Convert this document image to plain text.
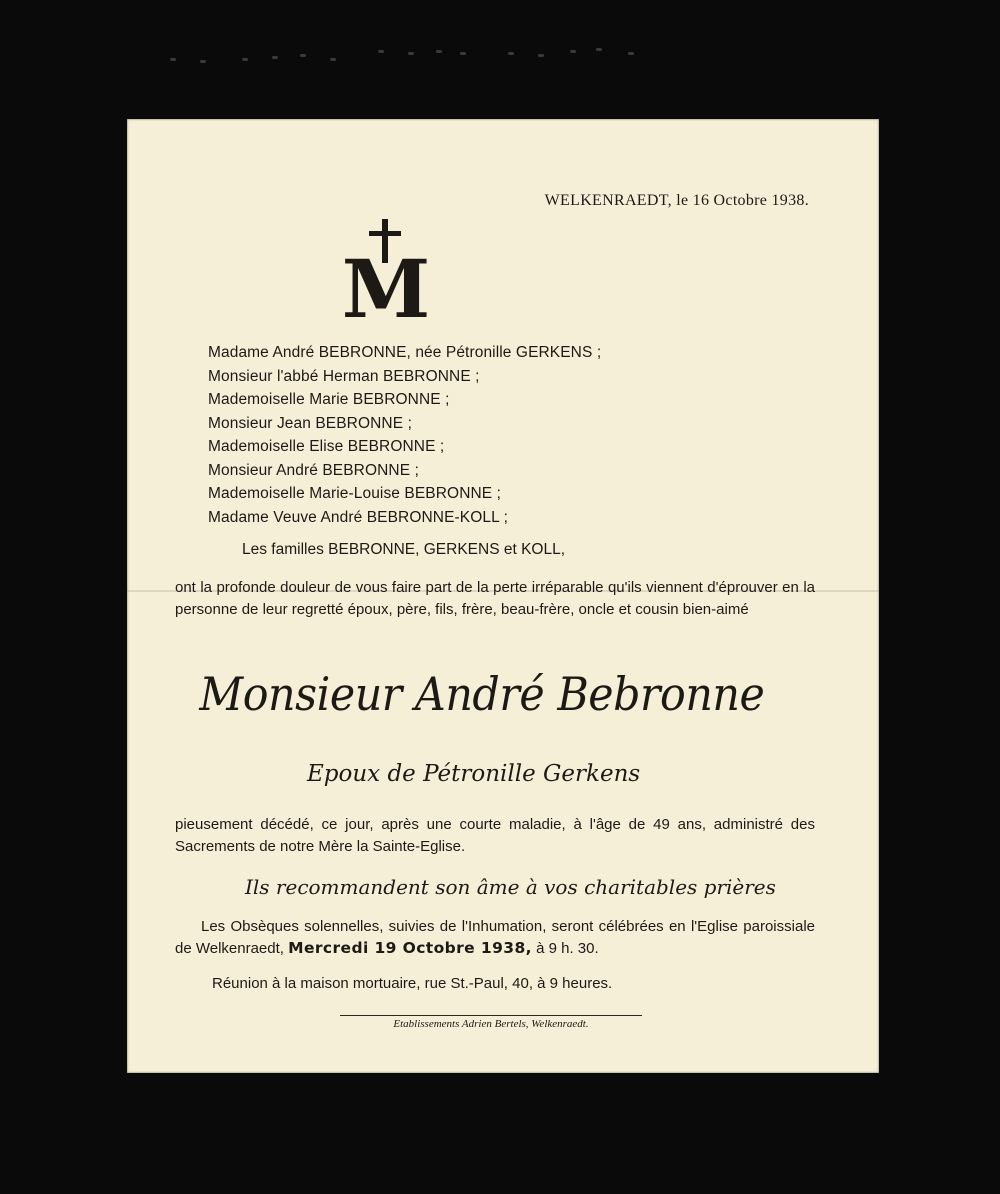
WELKENRAEDT, le 16 Octobre 1938.
M
Madame André BEBRONNE, née Pétronille GERKENS ;
Monsieur l'abbé Herman BEBRONNE ;
Mademoiselle Marie BEBRONNE ;
Monsieur Jean BEBRONNE ;
Mademoiselle Elise BEBRONNE ;
Monsieur André BEBRONNE ;
Mademoiselle Marie-Louise BEBRONNE ;
Madame Veuve André BEBRONNE-KOLL ;
Les familles BEBRONNE, GERKENS et KOLL,
ont la profonde douleur de vous faire part de la perte irréparable qu'ils viennent d'éprouver en la personne de leur regretté époux, père, fils, frère, beau-frère, oncle et cousin bien-aimé
Monsieur André Bebronne
Epoux de Pétronille Gerkens
pieusement décédé, ce jour, après une courte maladie, à l'âge de 49 ans, administré des Sacrements de notre Mère la Sainte-Eglise.
Ils recommandent son âme à vos charitables prières
Les Obsèques solennelles, suivies de l'Inhumation, seront célébrées en l'Eglise paroissiale de Welkenraedt, Mercredi 19 Octobre 1938, à 9 h. 30.
Réunion à la maison mortuaire, rue St.-Paul, 40, à 9 heures.
Etablissements Adrien Bertels, Welkenraedt.
